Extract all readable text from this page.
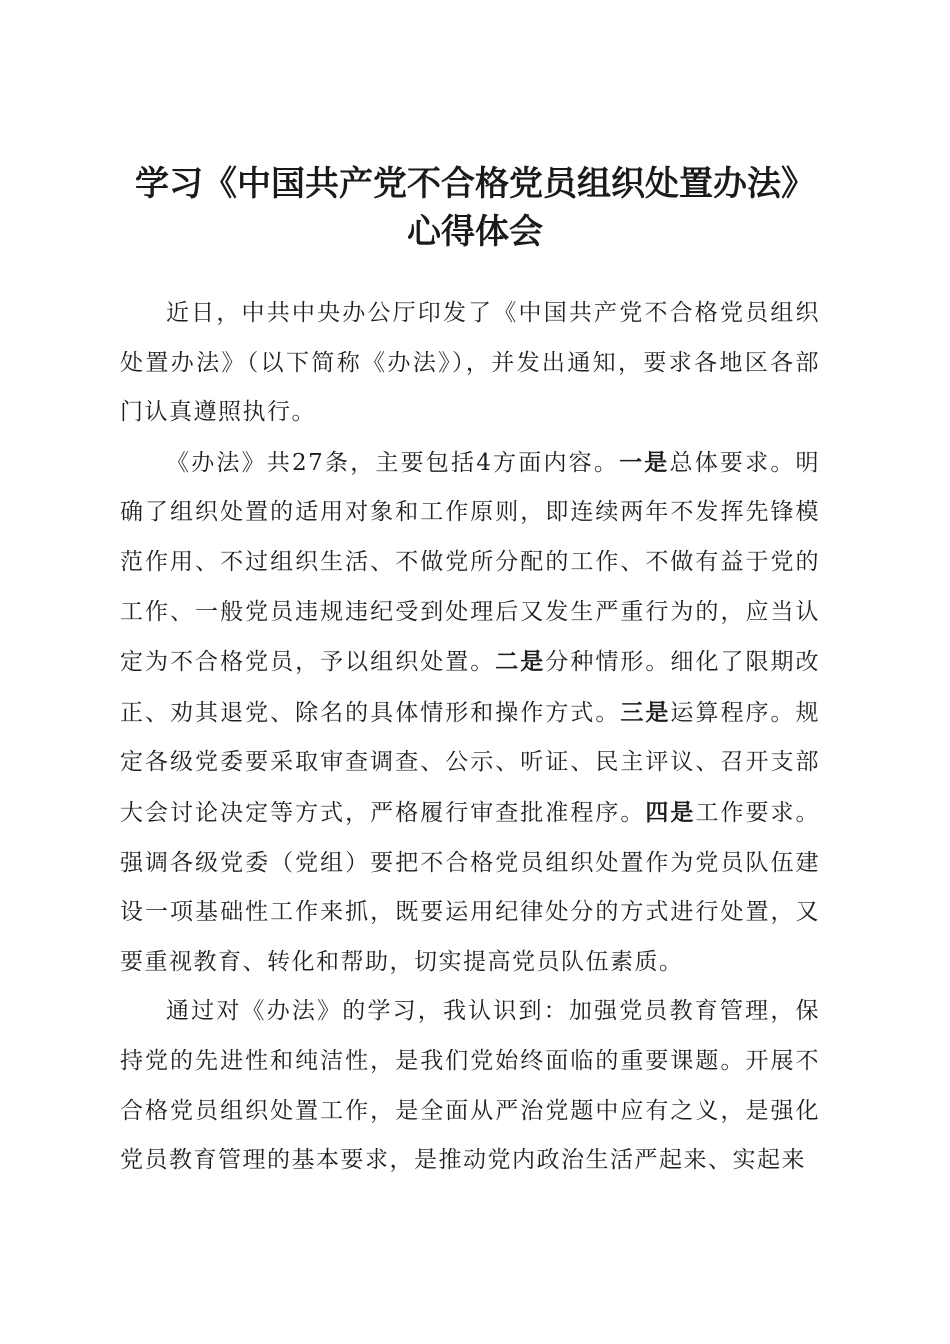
学习《中国共产党不合格党员组织处置办法》
心得体会

近日，中共中央办公厅印发了《中国共产党不合格党员组织处置办法》（以下简称《办法》），并发出通知，要求各地区各部门认真遵照执行。

《办法》共27条，主要包括4方面内容。一是总体要求。明确了组织处置的适用对象和工作原则，即连续两年不发挥先锋模范作用、不过组织生活、不做党所分配的工作、不做有益于党的工作、一般党员违规违纪受到处理后又发生严重行为的，应当认定为不合格党员，予以组织处置。二是分种情形。细化了限期改正、劝其退党、除名的具体情形和操作方式。三是运算程序。规定各级党委要采取审查调查、公示、听证、民主评议、召开支部大会讨论决定等方式，严格履行审查批准程序。四是工作要求。强调各级党委（党组）要把不合格党员组织处置作为党员队伍建设一项基础性工作来抓，既要运用纪律处分的方式进行处置，又要重视教育、转化和帮助，切实提高党员队伍素质。

通过对《办法》的学习，我认识到：加强党员教育管理，保持党的先进性和纯洁性，是我们党始终面临的重要课题。开展不合格党员组织处置工作，是全面从严治党题中应有之义，是强化党员教育管理的基本要求，是推动党内政治生活严起来、实起来
